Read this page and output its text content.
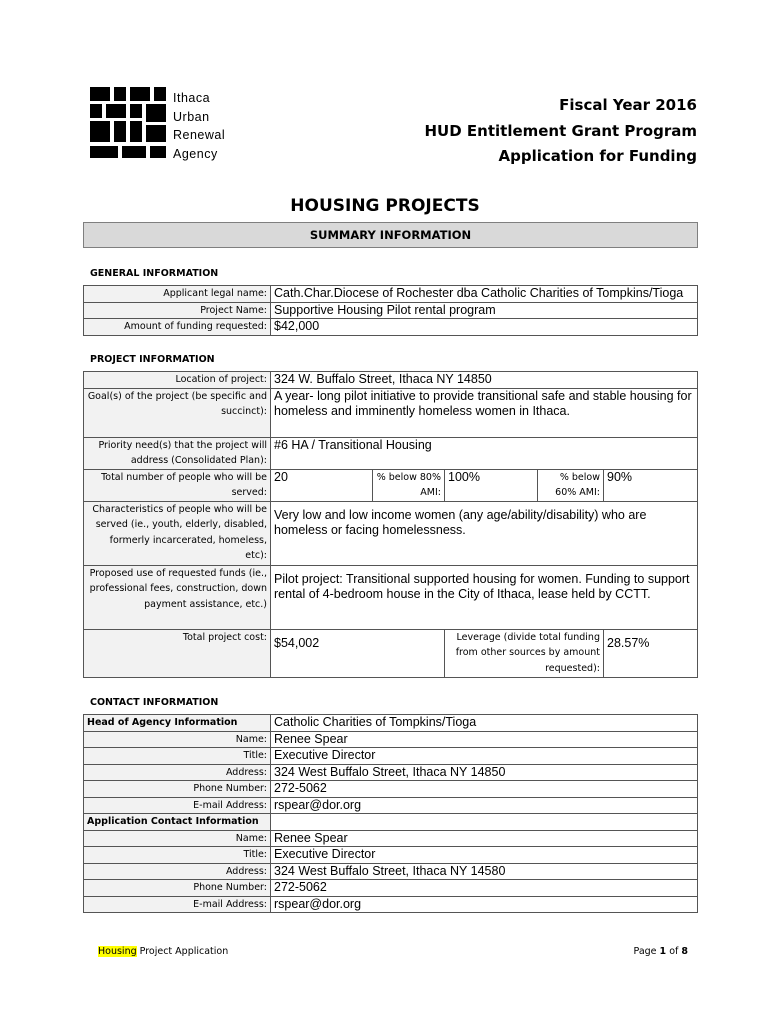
Ithaca
Urban
Renewal
Agency
Fiscal Year 2016
HUD Entitlement Grant Program
Application for Funding
HOUSING PROJECTS
SUMMARY INFORMATION
GENERAL INFORMATION
Applicant legal name:	Cath.Char.Diocese of Rochester dba Catholic Charities of Tompkins/Tioga
Project Name:	Supportive Housing Pilot rental program
Amount of funding requested:	$42,000
PROJECT INFORMATION
Location of project:	324 W. Buffalo Street, Ithaca NY 14850				
Goal(s) of the project (be specific and succinct):	A year- long pilot initiative to provide transitional safe and stable housing for homeless and imminently homeless women in Ithaca.				
Priority need(s) that the project will address (Consolidated Plan):	#6 HA / Transitional Housing				
Total number of people who will be served:	20	% below 80% AMI:	100%	% below 60% AMI:	90%
Characteristics of people who will be served (ie., youth, elderly, disabled, formerly incarcerated, homeless, etc):	Very low and low income women (any age/ability/disability) who are homeless or facing homelessness.				
Proposed use of requested funds (ie., professional fees, construction, down payment assistance, etc.)	Pilot project: Transitional supported housing for women. Funding to support rental of 4-bedroom house in the City of Ithaca, lease held by CCTT.				
Total project cost:	$54,002		Leverage (divide total funding from other sources by amount requested):		28.57%
CONTACT INFORMATION
Head of Agency Information	Catholic Charities of Tompkins/Tioga
Name:	Renee Spear
Title:	Executive Director
Address:	324 West Buffalo Street, Ithaca NY 14850
Phone Number:	272-5062
E-mail Address:	rspear@dor.org
Application Contact Information	
Name:	Renee Spear
Title:	Executive Director
Address:	324 West Buffalo Street, Ithaca NY 14580
Phone Number:	272-5062
E-mail Address:	rspear@dor.org
Housing Project Application	Page 1 of 8
